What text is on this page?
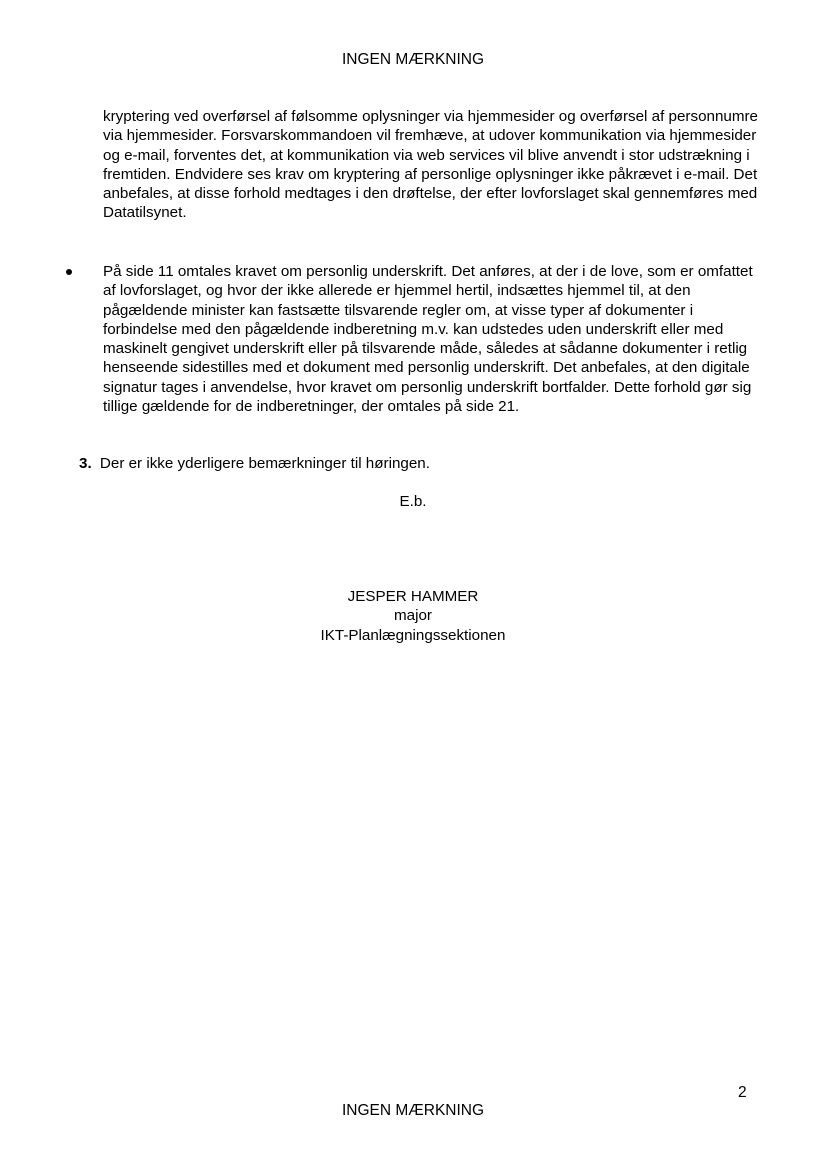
INGEN MÆRKNING

kryptering ved overførsel af følsomme oplysninger via hjemmesider og overførsel af personnumre via hjemmesider. Forsvarskommandoen vil fremhæve, at udover kommunikation via hjemmesider og e-mail, forventes det, at kommunikation via web services vil blive anvendt i stor udstrækning i fremtiden. Endvidere ses krav om kryptering af personlige oplysninger ikke påkrævet i e-mail. Det anbefales, at disse forhold medtages i den drøftelse, der efter lovforslaget skal gennemføres med Datatilsynet.

På side 11 omtales kravet om personlig underskrift. Det anføres, at der i de love, som er omfattet af lovforslaget, og hvor der ikke allerede er hjemmel hertil, indsættes hjemmel til, at den pågældende minister kan fastsætte tilsvarende regler om, at visse typer af dokumenter i forbindelse med den pågældende indberetning m.v. kan udstedes uden underskrift eller med maskinelt gengivet underskrift eller på tilsvarende måde, således at sådanne dokumenter i retlig henseende sidestilles med et dokument med personlig underskrift. Det anbefales, at den digitale signatur tages i anvendelse, hvor kravet om personlig underskrift bortfalder. Dette forhold gør sig tillige gældende for de indberetninger, der omtales på side 21.

3. Der er ikke yderligere bemærkninger til høringen.
E.b.
JESPER HAMMER
major
IKT-Planlægningssektionen
2
INGEN MÆRKNING
